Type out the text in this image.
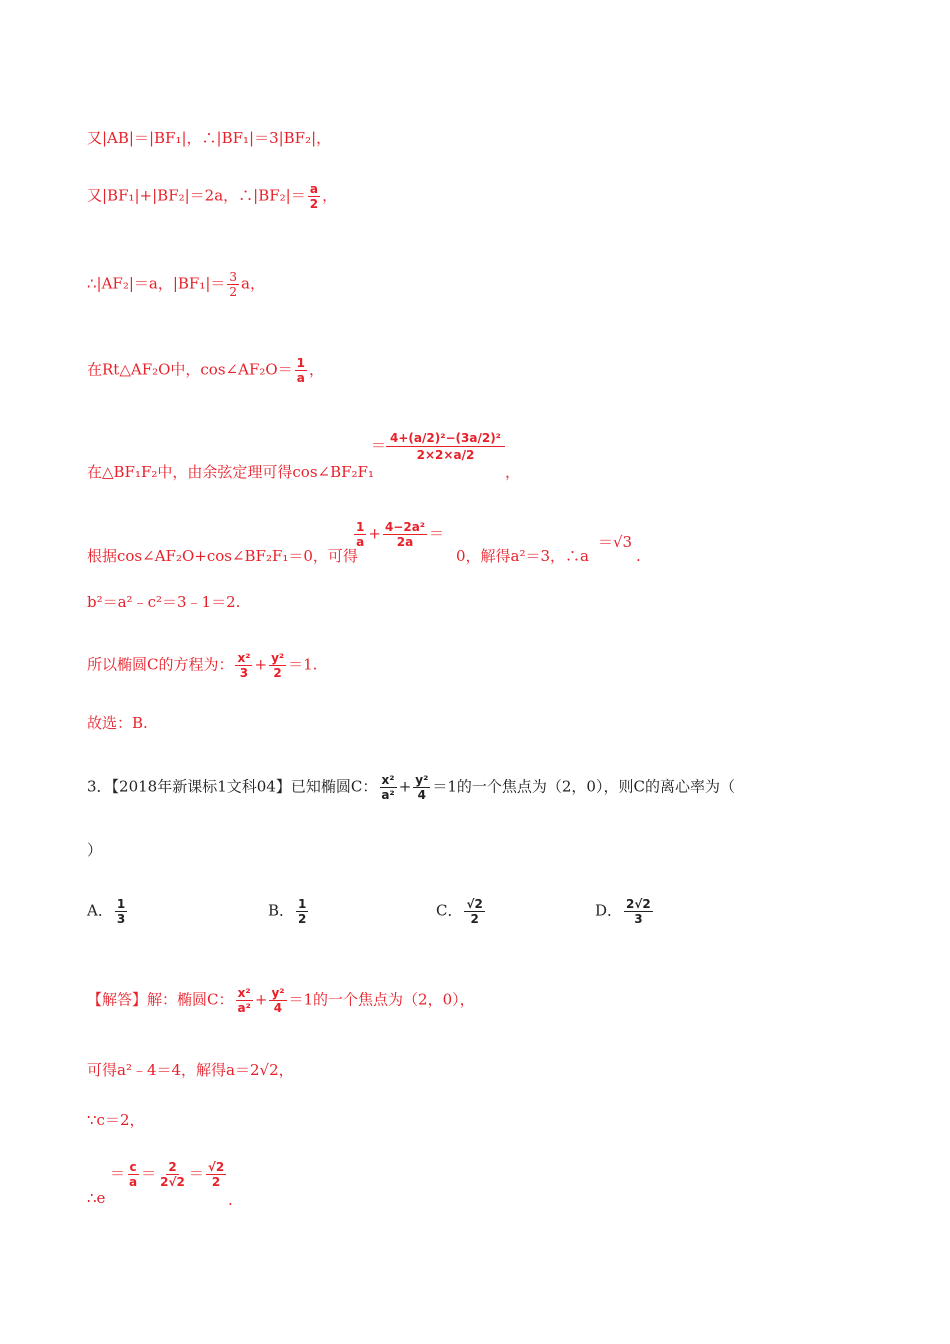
又|AB|＝|BF₁|，∴|BF₁|＝3|BF₂|，
又|BF₁|+|BF₂|＝2a，∴|BF₂|＝ $\frac{a}{2}$ ，
∴|AF₂|＝a，$|BF_1|= \frac{3}{2}$ a，
在Rt△AF₂O中，cos∠AF₂O＝ $\frac{1}{a}$ ，
在△BF₁F₂中，由余弦定理可得cos∠BF₂F₁
＝ $\frac{\text{4+(a/2)²−(3a/2)²}}{2\times 2\times a/2}$
，
根据cos∠AF₂O+cos∠BF₂F₁＝0，可得
$\frac{1}{a} + \frac{\text{4−2a²}}{2a}$ ＝
0，解得a²＝3，∴a
＝√3
.
b²＝a²﹣c²＝3﹣1＝2.
所以椭圆C的方程为： $\frac{\text{x²}}{3} + \frac{\text{y²}}{2} =1$.
故选：B.
3．【2018年新课标1文科04】已知椭圆C： $\frac{\text{x²}}{\text{a²}} + \frac{\text{y²}}{4} =1$的一个焦点为（2，0），则C的离心率为（
）
A． $\frac{1}{3}$	B． $\frac{1}{2}$	C． $\frac{√2}{2}$	D． $\frac{2√2}{3}$
【解答】解：椭圆C： $\frac{\text{x²}}{\text{a²}} + \frac{\text{y²}}{4} =1$的一个焦点为（2，0），
可得a²﹣4＝4，解得a＝2√2，
∵c＝2，
∴e
＝ $\frac{c}{a} = \frac{2}{2√2} = \frac{√2}{2}$
.
